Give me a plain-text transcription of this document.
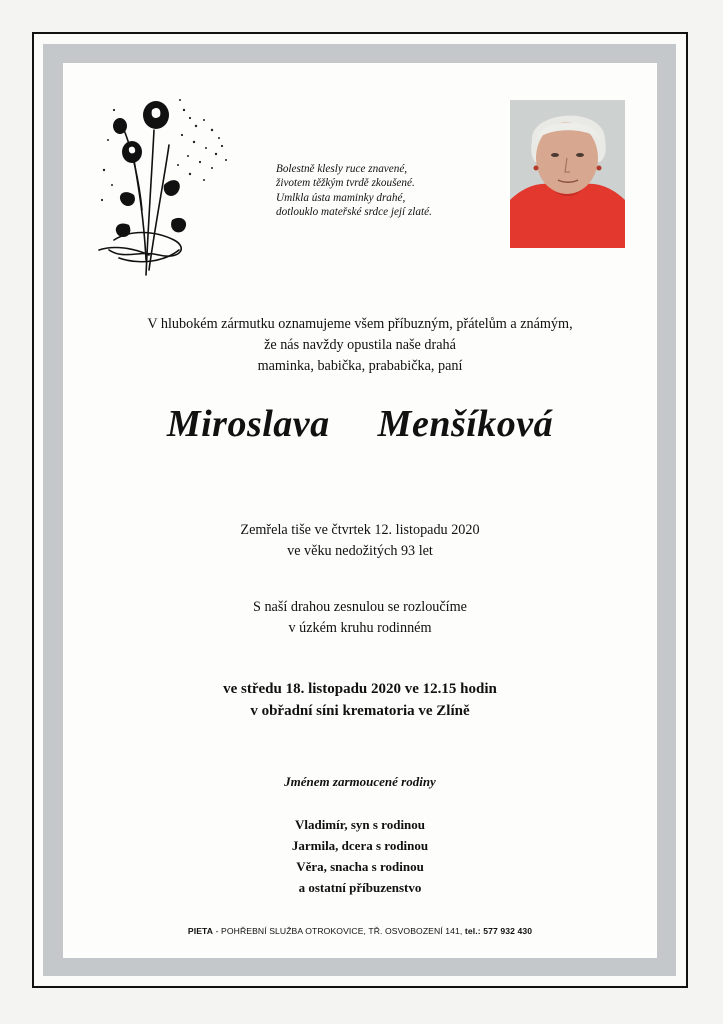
Bolestně klesly ruce znavené,
životem těžkým tvrdě zkoušené.
Umlkla ústa maminky drahé,
dotlouklo mateřské srdce její zlaté.
V hlubokém zármutku oznamujeme všem příbuzným, přátelům a známým,
že nás navždy opustila naše drahá
maminka, babička, prababička, paní
Miroslava  Menšíková
Zemřela tiše ve čtvrtek 12. listopadu 2020
ve věku nedožitých 93 let
S naší drahou zesnulou se rozloučíme
v úzkém kruhu rodinném
ve středu 18. listopadu 2020 ve 12.15 hodin
v obřadní síni krematoria ve Zlíně
Jménem zarmoucené rodiny
Vladimír, syn s rodinou
Jarmila, dcera s rodinou
Věra, snacha s rodinou
a ostatní příbuzenstvo
PIETA - POHŘEBNÍ SLUŽBA OTROKOVICE, TŘ. OSVOBOZENÍ 141, tel.: 577 932 430
